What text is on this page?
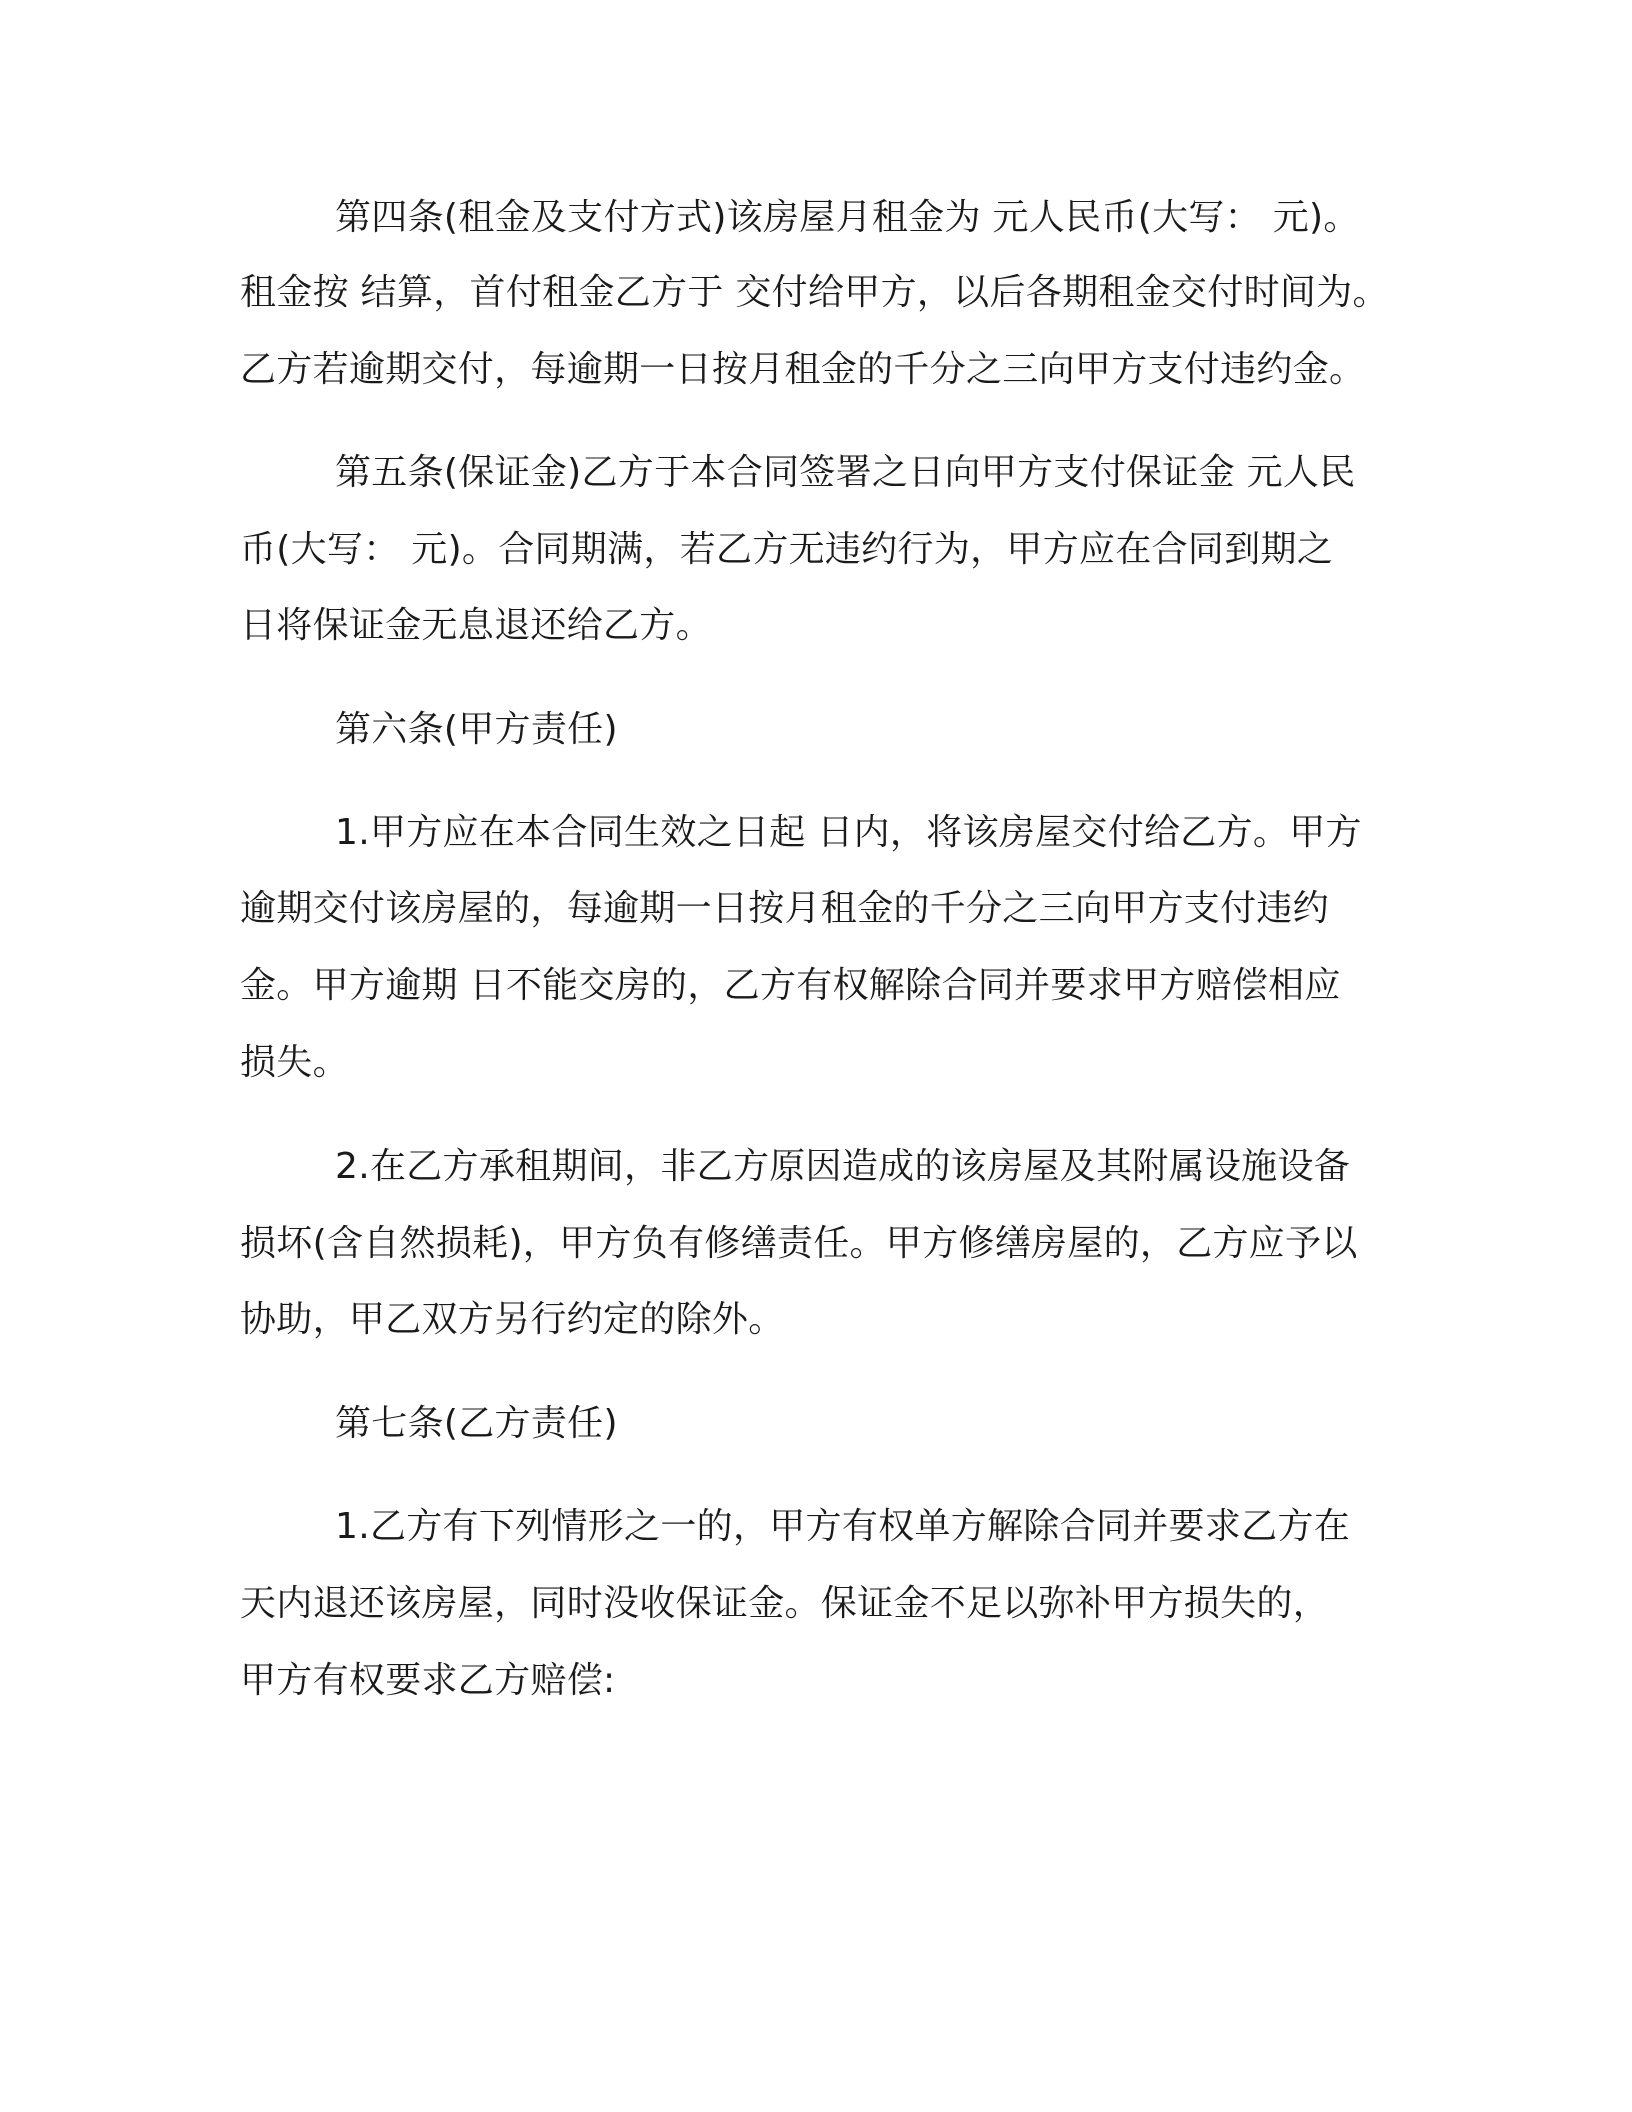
第四条(租金及支付方式)该房屋月租金为 元人民币(大写： 元)。
租金按 结算，首付租金乙方于 交付给甲方，以后各期租金交付时间为。
乙方若逾期交付，每逾期一日按月租金的千分之三向甲方支付违约金。
第五条(保证金)乙方于本合同签署之日向甲方支付保证金 元人民
币(大写： 元)。合同期满，若乙方无违约行为，甲方应在合同到期之
日将保证金无息退还给乙方。
第六条(甲方责任)
1.甲方应在本合同生效之日起 日内，将该房屋交付给乙方。甲方
逾期交付该房屋的，每逾期一日按月租金的千分之三向甲方支付违约
金。甲方逾期 日不能交房的，乙方有权解除合同并要求甲方赔偿相应
损失。
2.在乙方承租期间，非乙方原因造成的该房屋及其附属设施设备
损坏(含自然损耗)，甲方负有修缮责任。甲方修缮房屋的，乙方应予以
协助，甲乙双方另行约定的除外。
第七条(乙方责任)
1.乙方有下列情形之一的，甲方有权单方解除合同并要求乙方在
天内退还该房屋，同时没收保证金。保证金不足以弥补甲方损失的，
甲方有权要求乙方赔偿:
